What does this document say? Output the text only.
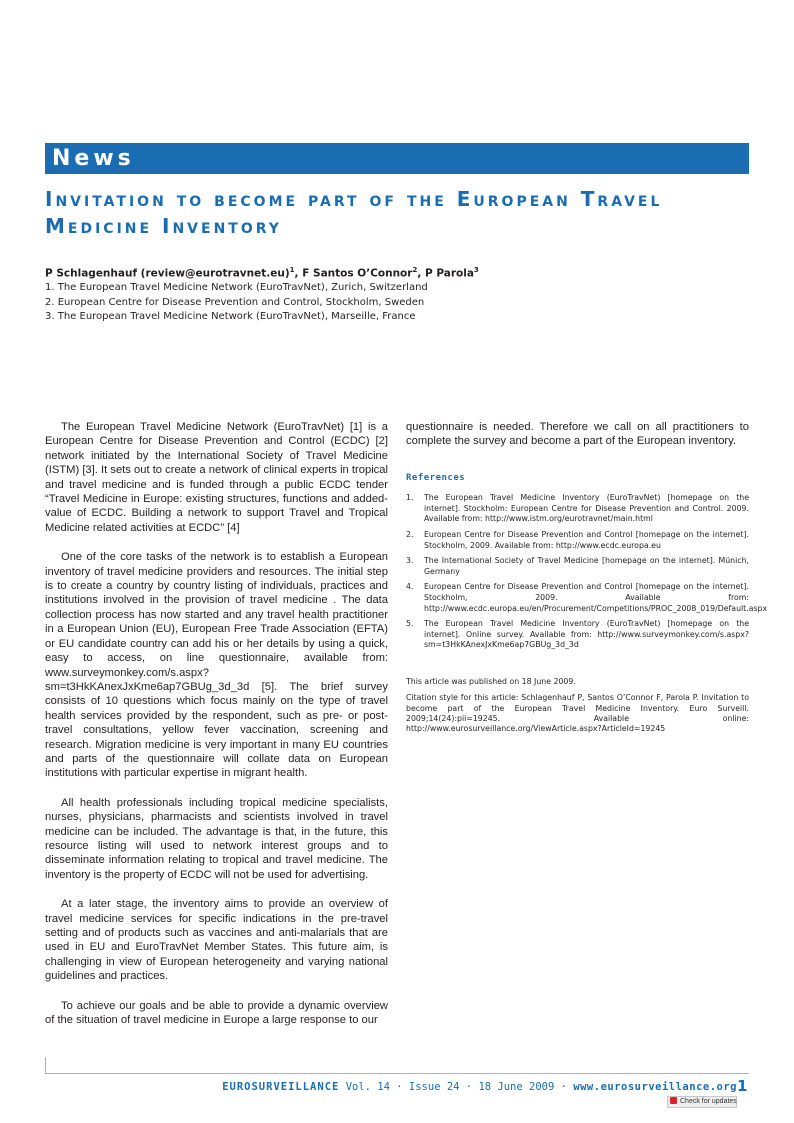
News
Invitation to become part of the European Travel Medicine Inventory
P Schlagenhauf (review@eurotravnet.eu)$^1$, F Santos O’Connor$^2$, P Parola$^3$
1. The European Travel Medicine Network (EuroTravNet), Zurich, Switzerland
2. European Centre for Disease Prevention and Control, Stockholm, Sweden
3. The European Travel Medicine Network (EuroTravNet), Marseille, France

The European Travel Medicine Network (EuroTravNet) [1] is a European Centre for Disease Prevention and Control (ECDC) [2] network initiated by the International Society of Travel Medicine (ISTM) [3]. It sets out to create a network of clinical experts in tropical and travel medicine and is funded through a public ECDC tender “Travel Medicine in Europe: existing structures, functions and added-value of ECDC. Building a network to support Travel and Tropical Medicine related activities at ECDC” [4]

One of the core tasks of the network is to establish a European inventory of travel medicine providers and resources. The initial step is to create a country by country listing of individuals, practices and institutions involved in the provision of travel medicine . The data collection process has now started and any travel health practitioner in a European Union (EU), European Free Trade Association (EFTA) or EU candidate country can add his or her details by using a quick, easy to access, on line questionnaire, available from: www.surveymonkey.com/s.aspx?sm=t3HkKAnexJxKme6ap7GBUg_3d_3d [5]. The brief survey consists of 10 questions which focus mainly on the type of travel health services provided by the respondent, such as pre- or post-travel consultations, yellow fever vaccination, screening and research. Migration medicine is very important in many EU countries and parts of the questionnaire will collate data on European institutions with particular expertise in migrant health.

All health professionals including tropical medicine specialists, nurses, physicians, pharmacists and scientists involved in travel medicine can be included. The advantage is that, in the future, this resource listing will used to network interest groups and to disseminate information relating to tropical and travel medicine. The inventory is the property of ECDC will not be used for advertising.

At a later stage, the inventory aims to provide an overview of travel medicine services for specific indications in the pre-travel setting and of products such as vaccines and anti-malarials that are used in EU and EuroTravNet Member States. This future aim, is challenging in view of European heterogeneity and varying national guidelines and practices.

To achieve our goals and be able to provide a dynamic overview of the situation of travel medicine in Europe a large response to our

questionnaire is needed. Therefore we call on all practitioners to complete the survey and become a part of the European inventory.

References
1. The European Travel Medicine Inventory (EuroTravNet) [homepage on the internet]. Stockholm: European Centre for Disease Prevention and Control. 2009. Available from: http://www.istm.org/eurotravnet/main.html
2. European Centre for Disease Prevention and Control [homepage on the internet]. Stockholm, 2009. Available from: http://www.ecdc.europa.eu
3. The International Society of Travel Medicine [homepage on the internet]. Münich, Germany
4. European Centre for Disease Prevention and Control [homepage on the internet]. Stockholm, 2009. Available from: http://www.ecdc.europa.eu/en/Procurement/Competitions/PROC_2008_019/Default.aspx
5. The European Travel Medicine Inventory (EuroTravNet) [homepage on the internet]. Online survey. Available from: http://www.surveymonkey.com/s.aspx?sm=t3HkKAnexJxKme6ap7GBUg_3d_3d

This article was published on 18 June 2009.

Citation style for this article: Schlagenhauf P, Santos O’Connor F, Parola P. Invitation to become part of the European Travel Medicine Inventory. Euro Surveill. 2009;14(24):pii=19245. Available online: http://www.eurosurveillance.org/ViewArticle.aspx?ArticleId=19245

EUROSURVEILLANCE Vol. 14 · Issue 24 · 18 June 2009 · www.eurosurveillance.org 1
Check for updates
